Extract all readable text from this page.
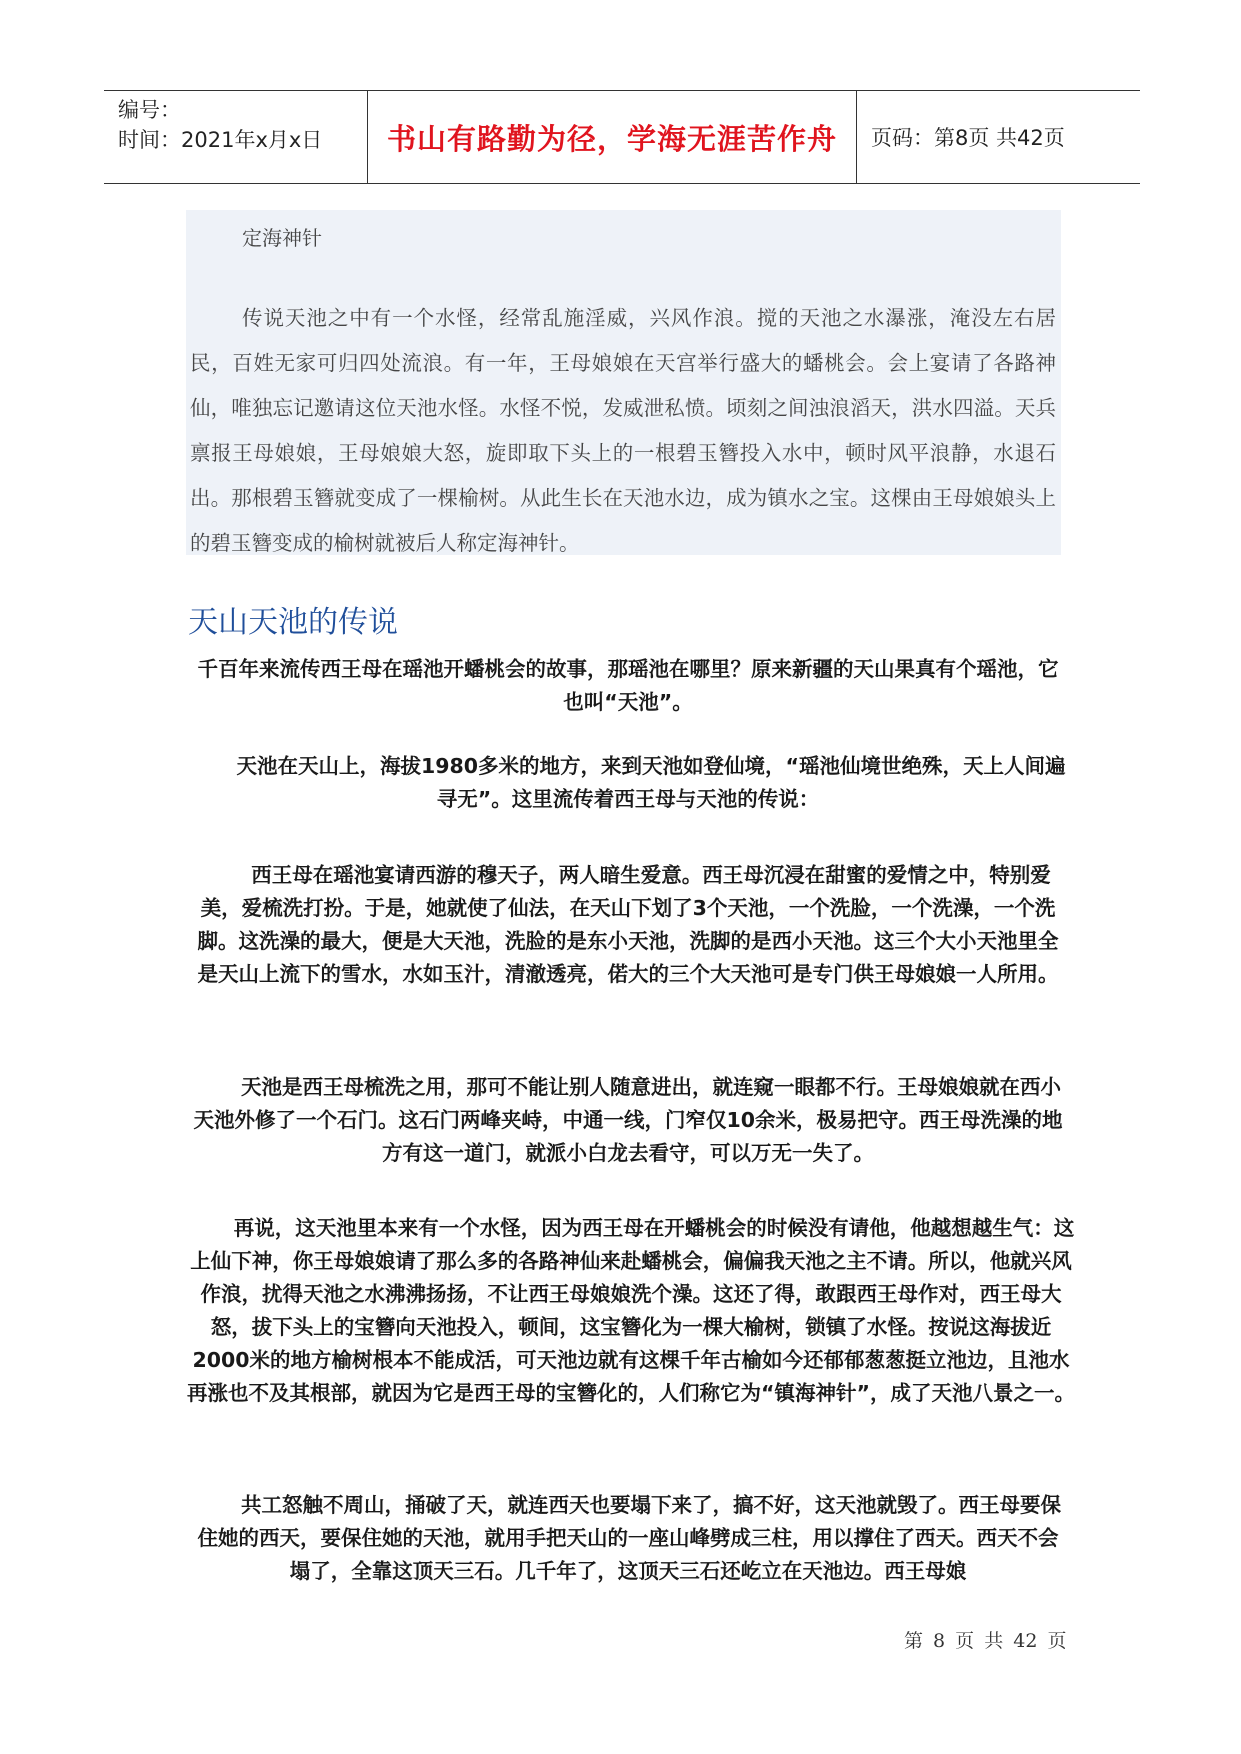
编号：
时间：2021年x月x日	书山有路勤为径，学海无涯苦作舟 页码：第8页 共42页
定海神针
传说天池之中有一个水怪，经常乱施淫威，兴风作浪。搅的天池之水瀑涨，淹没左右居民，百姓无家可归四处流浪。有一年，王母娘娘在天宫举行盛大的蟠桃会。会上宴请了各路神仙，唯独忘记邀请这位天池水怪。水怪不悦，发威泄私愤。顷刻之间浊浪滔天，洪水四溢。天兵禀报王母娘娘，王母娘娘大怒，旋即取下头上的一根碧玉簪投入水中，顿时风平浪静，水退石出。那根碧玉簪就变成了一棵榆树。从此生长在天池水边，成为镇水之宝。这棵由王母娘娘头上的碧玉簪变成的榆树就被后人称定海神针。
天山天池的传说
千百年来流传西王母在瑶池开蟠桃会的故事，那瑶池在哪里？原来新疆的天山果真有个瑶池，它也叫“天池”。
天池在天山上，海拔1980多米的地方，来到天池如登仙境，“瑶池仙境世绝殊，天上人间遍寻无”。这里流传着西王母与天池的传说：
西王母在瑶池宴请西游的穆天子，两人暗生爱意。西王母沉浸在甜蜜的爱情之中，特别爱美，爱梳洗打扮。于是，她就使了仙法，在天山下划了3个天池，一个洗脸，一个洗澡，一个洗脚。这洗澡的最大，便是大天池，洗脸的是东小天池，洗脚的是西小天池。这三个大小天池里全是天山上流下的雪水，水如玉汁，清澈透亮，偌大的三个大天池可是专门供王母娘娘一人所用。
天池是西王母梳洗之用，那可不能让别人随意进出，就连窥一眼都不行。王母娘娘就在西小天池外修了一个石门。这石门两峰夹峙，中通一线，门窄仅10余米，极易把守。西王母洗澡的地方有这一道门，就派小白龙去看守，可以万无一失了。
再说，这天池里本来有一个水怪，因为西王母在开蟠桃会的时候没有请他，他越想越生气：这上仙下神，你王母娘娘请了那么多的各路神仙来赴蟠桃会，偏偏我天池之主不请。所以，他就兴风作浪，扰得天池之水沸沸扬扬，不让西王母娘娘洗个澡。这还了得，敢跟西王母作对，西王母大怒，拔下头上的宝簪向天池投入，顿间，这宝簪化为一棵大榆树，锁镇了水怪。按说这海拔近2000米的地方榆树根本不能成活，可天池边就有这棵千年古榆如今还郁郁葱葱挺立池边，且池水再涨也不及其根部，就因为它是西王母的宝簪化的，人们称它为“镇海神针”，成了天池八景之一。
共工怒触不周山，捅破了天，就连西天也要塌下来了，搞不好，这天池就毁了。西王母要保住她的西天，要保住她的天池，就用手把天山的一座山峰劈成三柱，用以撑住了西天。西天不会塌了，全靠这顶天三石。几千年了，这顶天三石还屹立在天池边。西王母娘
第 8 页 共 42 页
